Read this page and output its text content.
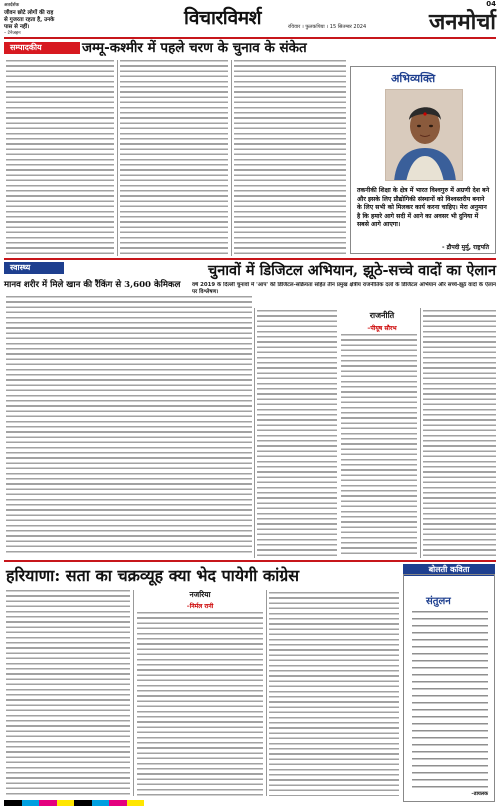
अतर्दर्शक
जीवन छोटे लोगों की राह
से गुजरता रहता है, उनके
पास से नहीं।
– टेनेजहन
विचारविमर्श	रविवार । फुलकपिया । 15 सितम्बर 2024
04
जनमोर्चा
सम्पादकीय	जम्मू-कश्मीर में पहले चरण के चुनाव के संकेत
अभिव्यक्ति
तकनीकी शिक्षा के क्षेत्र में भारत विश्वगुरु में अग्रणी देश बने और इसके लिए प्रौद्योगिकी संस्थानों को विश्वस्तरीय बनाने के लिए सभी को मिलकर कार्य करना चाहिए। मेरा अनुमान है कि हमारे आगे सदी में आने का अवसर भी दुनिया में सबसे आगे आएगा।
- द्रौपदी मुर्मु, राष्ट्रपति
स्वास्थ्य
मानव शरीर में मिले खान की रैंकिंग से 3,600 केमिकल
चुनावों में डिजिटल अभियान, झूठे-सच्चे वादों का ऐलान
वर्ष 2019 के दिल्ली चुनावों में 'आप' की डिजिटल-सक्रियता सहित तीन प्रमुख क्षेत्रीय राजनीतिक दलों के डिजिटल अभियान और सच्चे-झूठे वादों के ऐलान पर विश्लेषण।
राजनीति
–पीयूष सौरभ
हरियाणा: सता का चक्रव्यूह क्या भेद पायेगी कांग्रेस
नजरिया
–निर्मल रानी
बोलती कविता
संतुलन
–डायलक
